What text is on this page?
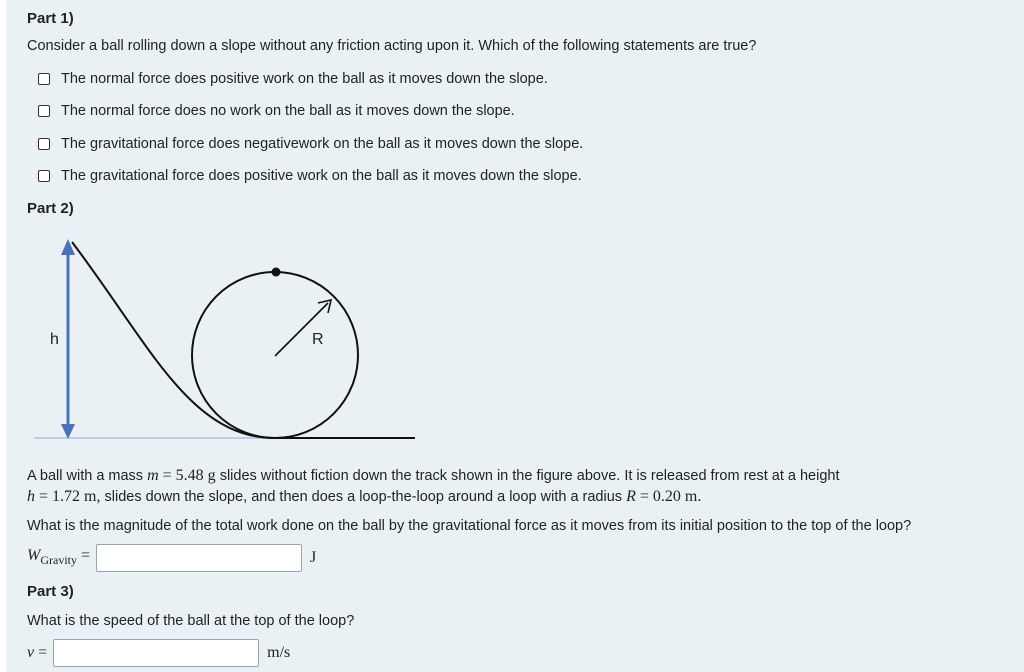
Part 1)
Consider a ball rolling down a slope without any friction acting upon it. Which of the following statements are true?
The normal force does positive work on the ball as it moves down the slope.
The normal force does no work on the ball as it moves down the slope.
The gravitational force does negativework on the ball as it moves down the slope.
The gravitational force does positive work on the ball as it moves down the slope.
Part 2)
h	R
A ball with a mass m = 5.48 g slides without fiction down the track shown in the figure above. It is released from rest at a height
h = 1.72 m, slides down the slope, and then does a loop-the-loop around a loop with a radius R = 0.20 m.
What is the magnitude of the total work done on the ball by the gravitational force as it moves from its initial position to the top of the loop?
$W_{Gravity}$ =	J
Part 3)
What is the speed of the ball at the top of the loop?
v =	m/s
